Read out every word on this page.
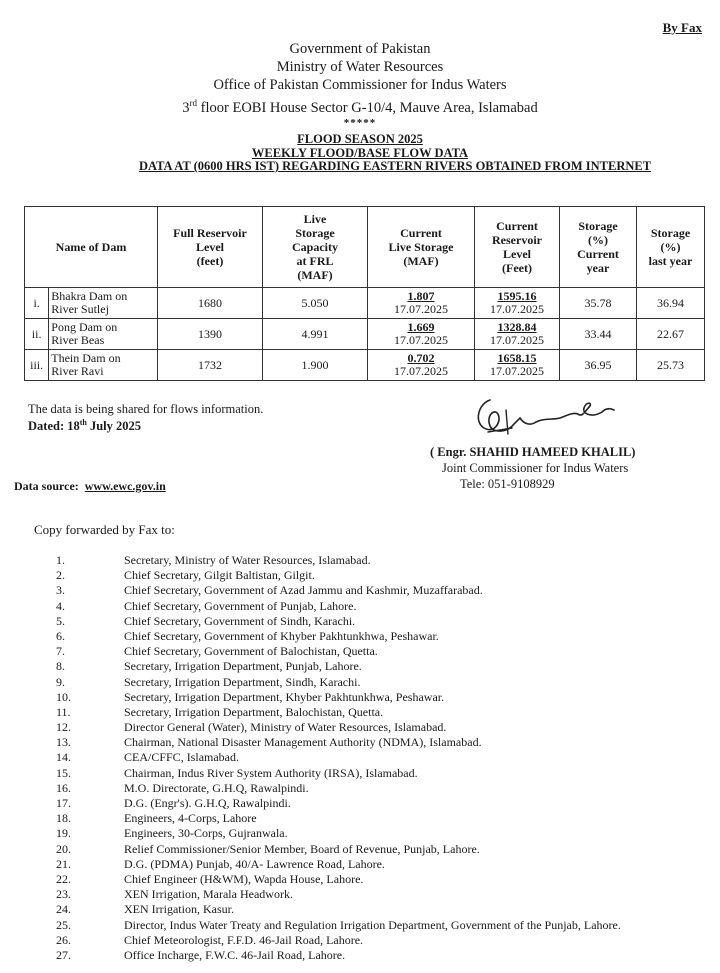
By Fax
Government of Pakistan
Ministry of Water Resources
Office of Pakistan Commissioner for Indus Waters
3rd floor EOBI House Sector G-10/4, Mauve Area, Islamabad
*****
FLOOD SEASON 2025
WEEKLY FLOOD/BASE FLOW DATA
DATA AT (0600 HRS IST) REGARDING EASTERN RIVERS OBTAINED FROM INTERNET
Name of Dam		Full Reservoir
Level
(feet)	Live
Storage
Capacity
at FRL
(MAF)	Current
Live Storage
(MAF)	Current
Reservoir
Level
(Feet)	Storage
(%)
Current
year	Storage
(%)
last year
i.	Bhakra Dam on
River Sutlej	1680	5.050	1.807
17.07.2025	1595.16
17.07.2025	35.78	36.94
ii.	Pong Dam on
River Beas	1390	4.991	1.669
17.07.2025	1328.84
17.07.2025	33.44	22.67
iii.	Thein Dam on
River Ravi	1732	1.900	0.702
17.07.2025	1658.15
17.07.2025	36.95	25.73
The data is being shared for flows information.
Dated: 18th July 2025
( Engr. SHAHID HAMEED KHALIL)
Joint Commissioner for Indus Waters
Tele: 051-9108929
Data source: www.ewc.gov.in
Copy forwarded by Fax to:
1.	Secretary, Ministry of Water Resources, Islamabad.
2.	Chief Secretary, Gilgit Baltistan, Gilgit.
3.	Chief Secretary, Government of Azad Jammu and Kashmir, Muzaffarabad.
4.	Chief Secretary, Government of Punjab, Lahore.
5.	Chief Secretary, Government of Sindh, Karachi.
6.	Chief Secretary, Government of Khyber Pakhtunkhwa, Peshawar.
7.	Chief Secretary, Government of Balochistan, Quetta.
8.	Secretary, Irrigation Department, Punjab, Lahore.
9.	Secretary, Irrigation Department, Sindh, Karachi.
10.	Secretary, Irrigation Department, Khyber Pakhtunkhwa, Peshawar.
11.	Secretary, Irrigation Department, Balochistan, Quetta.
12.	Director General (Water), Ministry of Water Resources, Islamabad.
13.	Chairman, National Disaster Management Authority (NDMA), Islamabad.
14.	CEA/CFFC, Islamabad.
15.	Chairman, Indus River System Authority (IRSA), Islamabad.
16.	M.O. Directorate, G.H.Q, Rawalpindi.
17.	D.G. (Engr's). G.H.Q, Rawalpindi.
18.	Engineers, 4-Corps, Lahore
19.	Engineers, 30-Corps, Gujranwala.
20.	Relief Commissioner/Senior Member, Board of Revenue, Punjab, Lahore.
21.	D.G. (PDMA) Punjab, 40/A- Lawrence Road, Lahore.
22.	Chief Engineer (H&WM), Wapda House, Lahore.
23.	XEN Irrigation, Marala Headwork.
24.	XEN Irrigation, Kasur.
25.	Director, Indus Water Treaty and Regulation Irrigation Department, Government of the Punjab, Lahore.
26.	Chief Meteorologist, F.F.D. 46-Jail Road, Lahore.
27.	Office Incharge, F.W.C. 46-Jail Road, Lahore.
